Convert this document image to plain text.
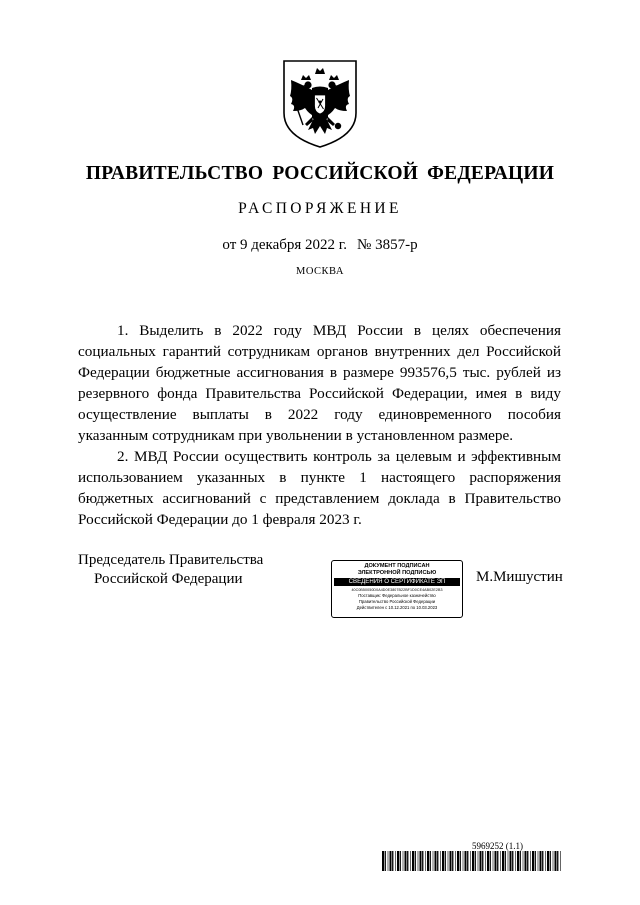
ПРАВИТЕЛЬСТВО РОССИЙСКОЙ ФЕДЕРАЦИИ
РАСПОРЯЖЕНИЕ
от 9 декабря 2022 г. № 3857-р
МОСКВА

1. Выделить в 2022 году МВД России в целях обеспечения социальных гарантий сотрудникам органов внутренних дел Российской Федерации бюджетные ассигнования в размере 993576,5 тыс. рублей из резервного фонда Правительства Российской Федерации, имея в виду осуществление выплаты в 2022 году единовременного пособия указанным сотрудникам при увольнении в установленном размере.

2. МВД России осуществить контроль за целевым и эффективным использованием указанных в пункте 1 настоящего распоряжения бюджетных ассигнований с представлением доклада в Правительство Российской Федерации до 1 февраля 2023 г.

Председатель Правительства
Российской Федерации
ДОКУМЕНТ ПОДПИСАН
ЭЛЕКТРОННОЙ ПОДПИСЬЮ
СВЕДЕНИЯ О СЕРТИФИКАТЕ ЭП
40C0B50050D0A4D0E3807B22BF1D0CE4AB02E2B3
Поставщик: Федеральное казначейство
Правительство Российской Федерации
Действителен с 10.12.2021 по 10.03.2023
М.Мишустин
5969252 (1.1)
